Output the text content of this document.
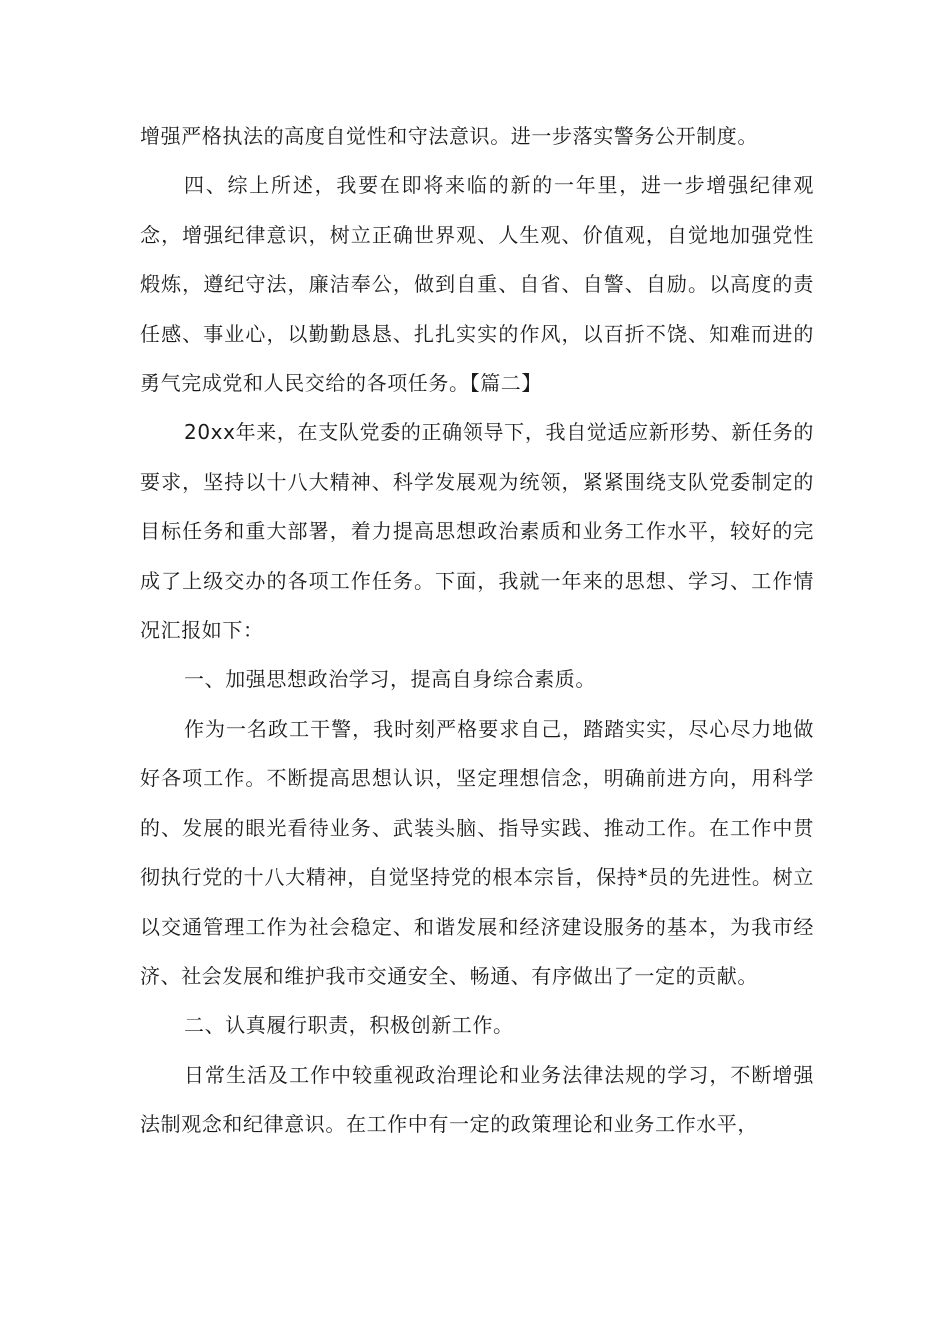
增强严格执法的高度自觉性和守法意识。进一步落实警务公开制度。

四、综上所述，我要在即将来临的新的一年里，进一步增强纪律观念，增强纪律意识，树立正确世界观、人生观、价值观，自觉地加强党性煅炼，遵纪守法，廉洁奉公，做到自重、自省、自警、自励。以高度的责任感、事业心，以勤勤恳恳、扎扎实实的作风，以百折不饶、知难而进的勇气完成党和人民交给的各项任务。【篇二】

20xx年来，在支队党委的正确领导下，我自觉适应新形势、新任务的要求，坚持以十八大精神、科学发展观为统领，紧紧围绕支队党委制定的目标任务和重大部署，着力提高思想政治素质和业务工作水平，较好的完成了上级交办的各项工作任务。下面，我就一年来的思想、学习、工作情况汇报如下：

一、加强思想政治学习，提高自身综合素质。

作为一名政工干警，我时刻严格要求自己，踏踏实实，尽心尽力地做好各项工作。不断提高思想认识，坚定理想信念，明确前进方向，用科学的、发展的眼光看待业务、武装头脑、指导实践、推动工作。在工作中贯彻执行党的十八大精神，自觉坚持党的根本宗旨，保持*员的先进性。树立以交通管理工作为社会稳定、和谐发展和经济建设服务的基本，为我市经济、社会发展和维护我市交通安全、畅通、有序做出了一定的贡献。

二、认真履行职责，积极创新工作。

日常生活及工作中较重视政治理论和业务法律法规的学习，不断增强法制观念和纪律意识。在工作中有一定的政策理论和业务工作水平，
